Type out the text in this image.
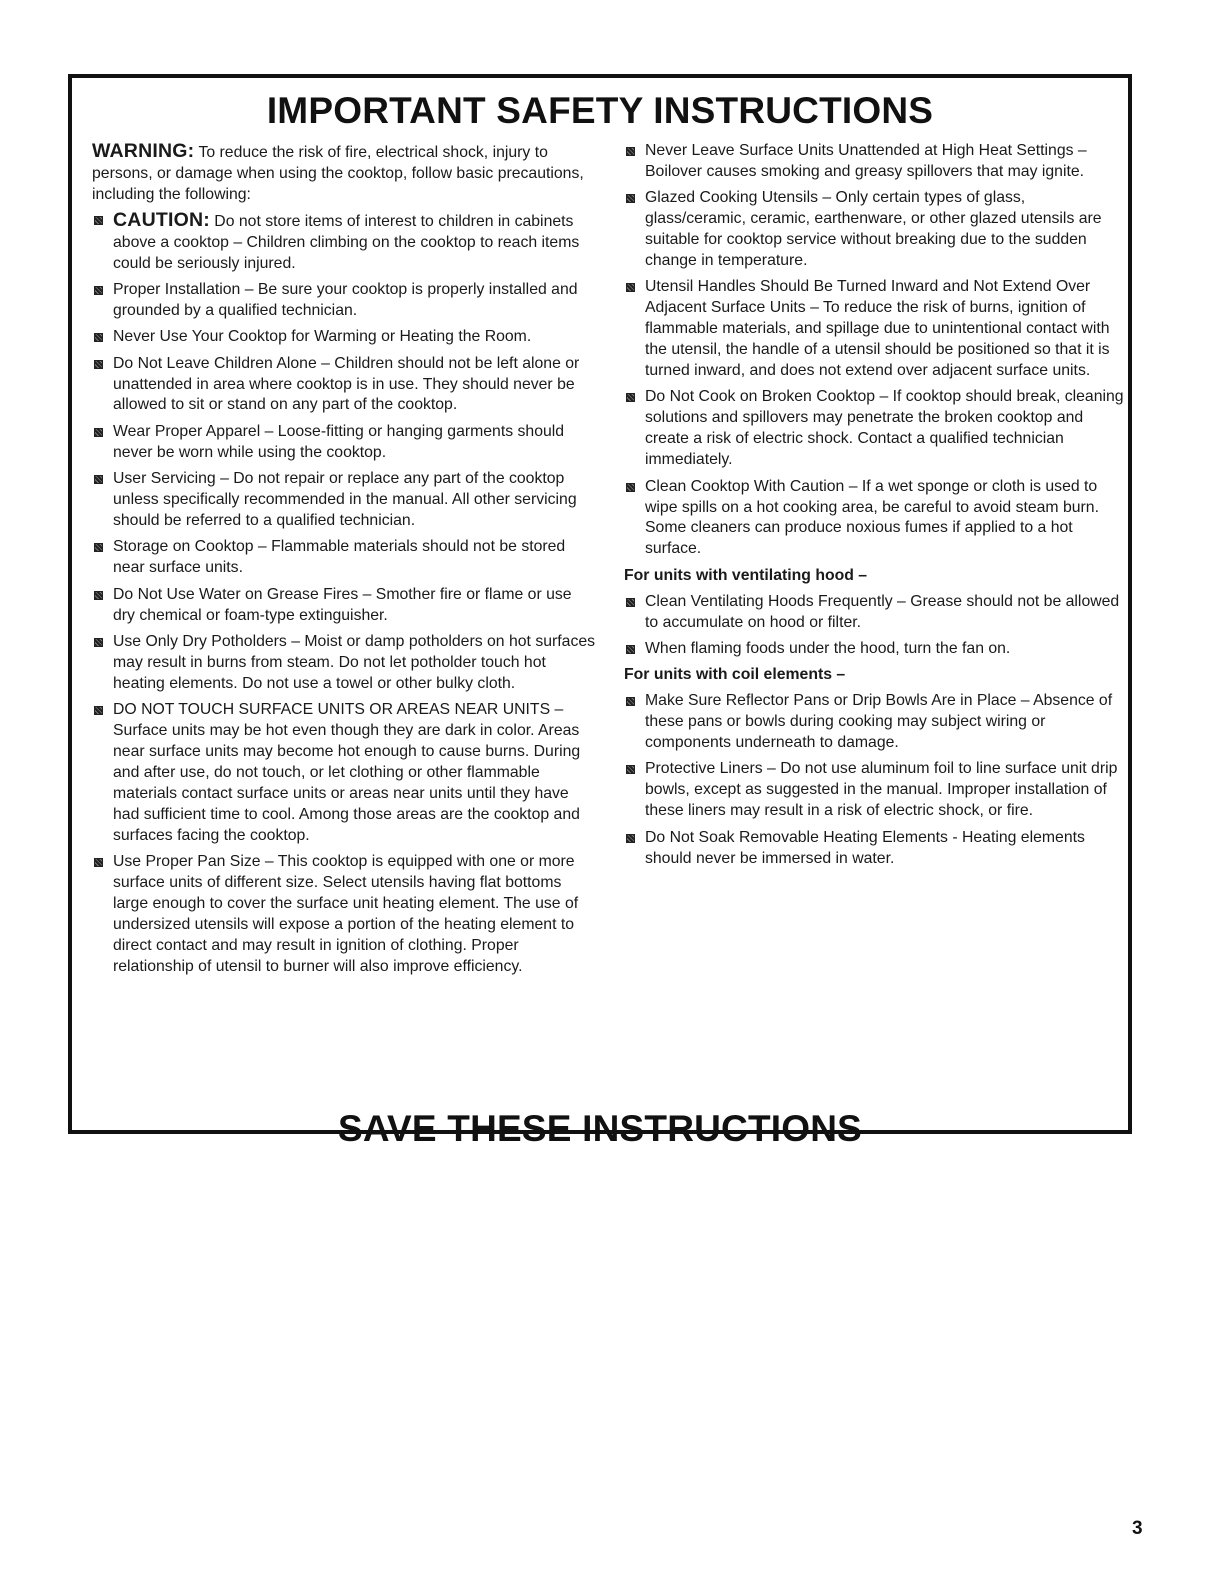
IMPORTANT SAFETY INSTRUCTIONS

WARNING: To reduce the risk of fire, electrical shock, injury to persons, or damage when using the cooktop, follow basic precautions, including the following:

CAUTION: Do not store items of interest to children in cabinets above a cooktop – Children climbing on the cooktop to reach items could be seriously injured.
Proper Installation – Be sure your cooktop is properly installed and grounded by a qualified technician.
Never Use Your Cooktop for Warming or Heating the Room.
Do Not Leave Children Alone – Children should not be left alone or unattended in area where cooktop is in use. They should never be allowed to sit or stand on any part of the cooktop.
Wear Proper Apparel – Loose-fitting or hanging garments should never be worn while using the cooktop.
User Servicing – Do not repair or replace any part of the cooktop unless specifically recommended in the manual. All other servicing should be referred to a qualified technician.
Storage on Cooktop – Flammable materials should not be stored near surface units.
Do Not Use Water on Grease Fires – Smother fire or flame or use dry chemical or foam-type extinguisher.
Use Only Dry Potholders – Moist or damp potholders on hot surfaces may result in burns from steam. Do not let potholder touch hot heating elements. Do not use a towel or other bulky cloth.
DO NOT TOUCH SURFACE UNITS OR AREAS NEAR UNITS – Surface units may be hot even though they are dark in color. Areas near surface units may become hot enough to cause burns. During and after use, do not touch, or let clothing or other flammable materials contact surface units or areas near units until they have had sufficient time to cool. Among those areas are the cooktop and surfaces facing the cooktop.
Use Proper Pan Size – This cooktop is equipped with one or more surface units of different size. Select utensils having flat bottoms large enough to cover the surface unit heating element. The use of undersized utensils will expose a portion of the heating element to direct contact and may result in ignition of clothing. Proper relationship of utensil to burner will also improve efficiency.
Never Leave Surface Units Unattended at High Heat Settings – Boilover causes smoking and greasy spillovers that may ignite.
Glazed Cooking Utensils – Only certain types of glass, glass/ceramic, ceramic, earthenware, or other glazed utensils are suitable for cooktop service without breaking due to the sudden change in temperature.
Utensil Handles Should Be Turned Inward and Not Extend Over Adjacent Surface Units – To reduce the risk of burns, ignition of flammable materials, and spillage due to unintentional contact with the utensil, the handle of a utensil should be positioned so that it is turned inward, and does not extend over adjacent surface units.
Do Not Cook on Broken Cooktop – If cooktop should break, cleaning solutions and spillovers may penetrate the broken cooktop and create a risk of electric shock. Contact a qualified technician immediately.
Clean Cooktop With Caution – If a wet sponge or cloth is used to wipe spills on a hot cooking area, be careful to avoid steam burn. Some cleaners can produce noxious fumes if applied to a hot surface.

For units with ventilating hood –

Clean Ventilating Hoods Frequently – Grease should not be allowed to accumulate on hood or filter.
When flaming foods under the hood, turn the fan on.

For units with coil elements –

Make Sure Reflector Pans or Drip Bowls Are in Place – Absence of these pans or bowls during cooking may subject wiring or components underneath to damage.
Protective Liners – Do not use aluminum foil to line surface unit drip bowls, except as suggested in the manual. Improper installation of these liners may result in a risk of electric shock, or fire.
Do Not Soak Removable Heating Elements - Heating elements should never be immersed in water.
SAVE THESE INSTRUCTIONS
3
